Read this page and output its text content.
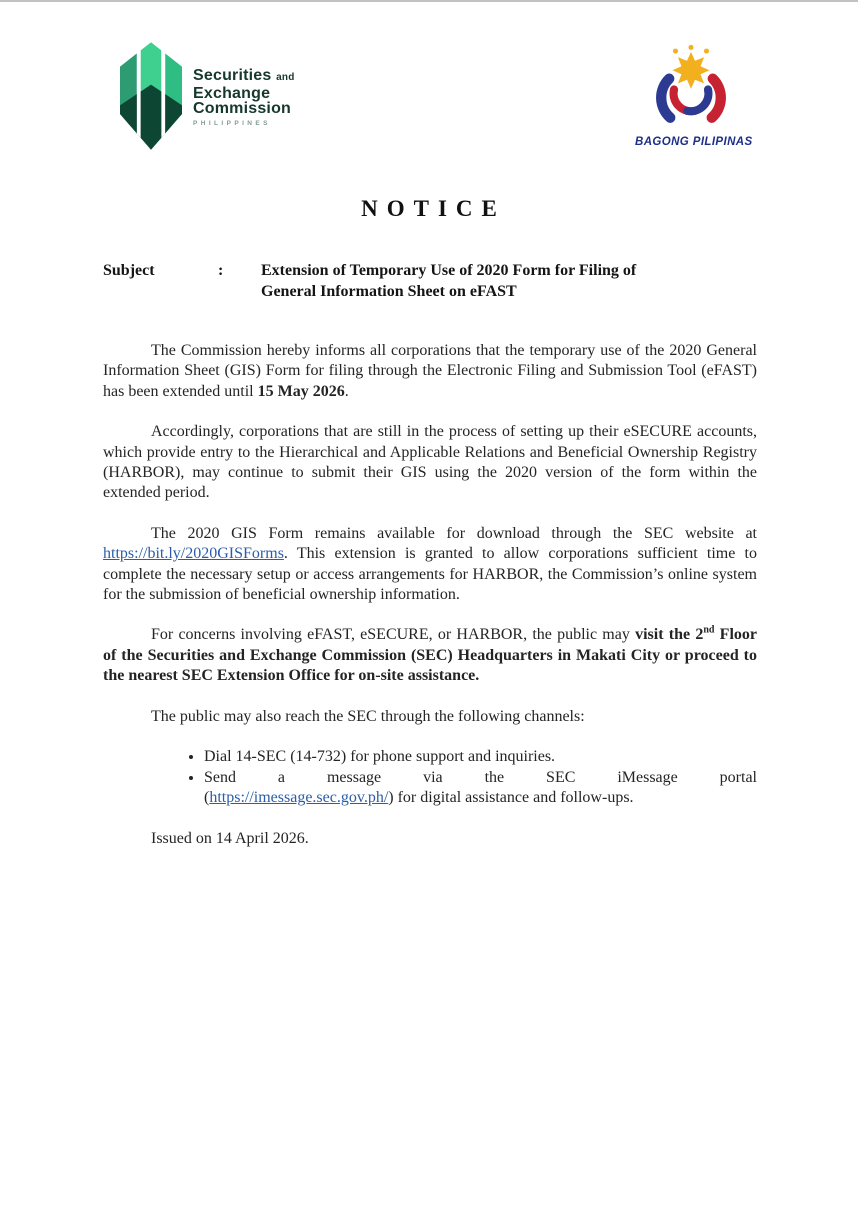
Securities and
Exchange
Commission
PHILIPPINES
BAGONG PILIPINAS
NOTICE
Subject	:	Extension of Temporary Use of 2020 Form for Filing of
General Information Sheet on eFAST

The Commission hereby informs all corporations that the temporary use of the 2020 General Information Sheet (GIS) Form for filing through the Electronic Filing and Submission Tool (eFAST) has been extended until 15 May 2026.

Accordingly, corporations that are still in the process of setting up their eSECURE accounts, which provide entry to the Hierarchical and Applicable Relations and Beneficial Ownership Registry (HARBOR), may continue to submit their GIS using the 2020 version of the form within the extended period.

The 2020 GIS Form remains available for download through the SEC website at https://bit.ly/2020GISForms. This extension is granted to allow corporations sufficient time to complete the necessary setup or access arrangements for HARBOR, the Commission’s online system for the submission of beneficial ownership information.

For concerns involving eFAST, eSECURE, or HARBOR, the public may visit the 2nd Floor of the Securities and Exchange Commission (SEC) Headquarters in Makati City or proceed to the nearest SEC Extension Office for on-site assistance.

The public may also reach the SEC through the following channels:

• Dial 14-SEC (14-732) for phone support and inquiries.
• Send a message via the SEC iMessage portal
(https://imessage.sec.gov.ph/) for digital assistance and follow-ups.

Issued on 14 April 2026.
